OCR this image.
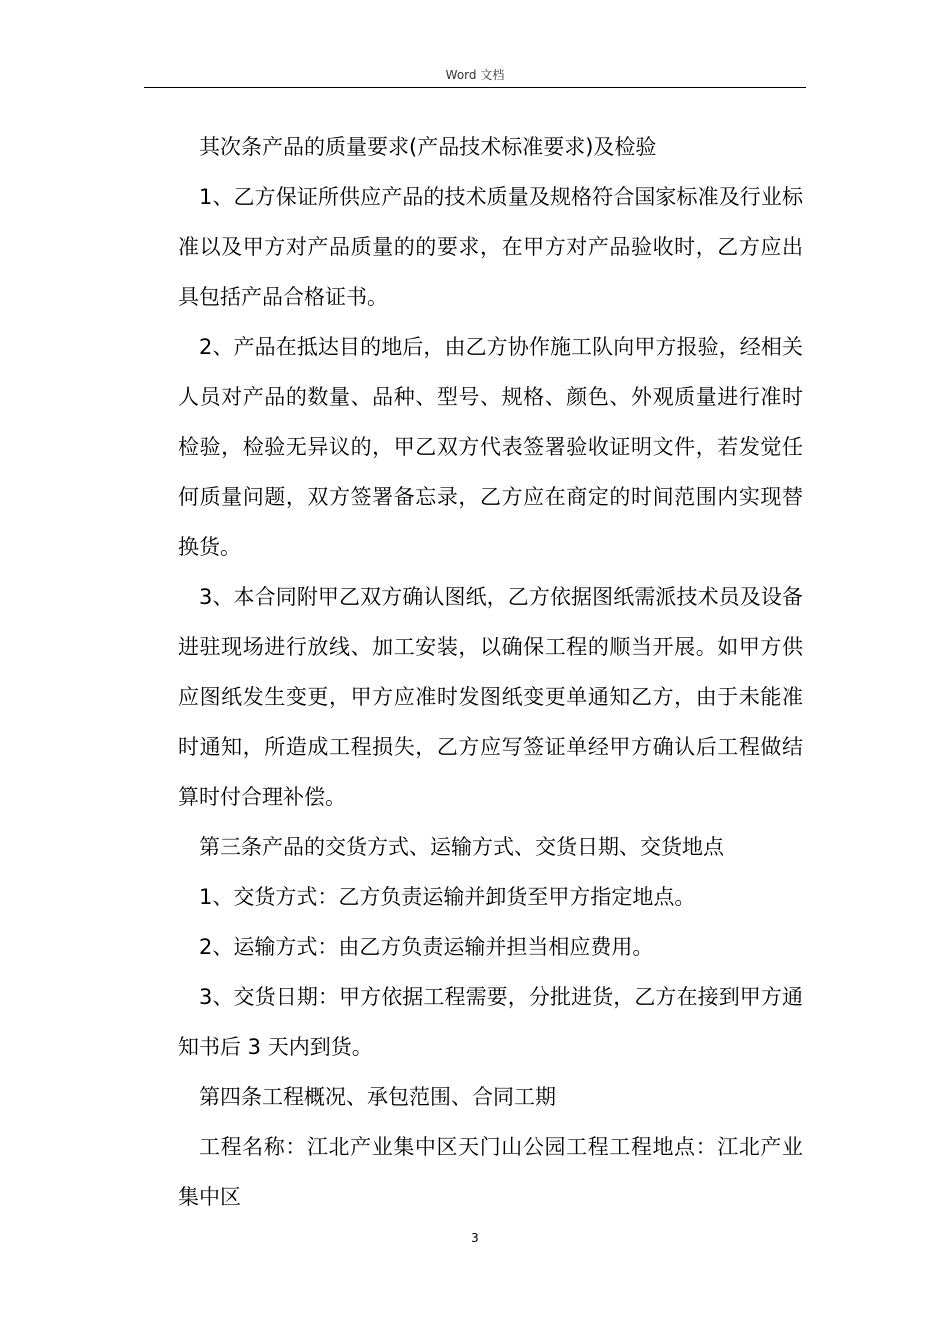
Word 文档

其次条产品的质量要求(产品技术标准要求)及检验

1、乙方保证所供应产品的技术质量及规格符合国家标准及行业标准以及甲方对产品质量的的要求，在甲方对产品验收时，乙方应出具包括产品合格证书。

2、产品在抵达目的地后，由乙方协作施工队向甲方报验，经相关人员对产品的数量、品种、型号、规格、颜色、外观质量进行准时检验，检验无异议的，甲乙双方代表签署验收证明文件，若发觉任何质量问题，双方签署备忘录，乙方应在商定的时间范围内实现替换货。

3、本合同附甲乙双方确认图纸，乙方依据图纸需派技术员及设备进驻现场进行放线、加工安装，以确保工程的顺当开展。如甲方供应图纸发生变更，甲方应准时发图纸变更单通知乙方，由于未能准时通知，所造成工程损失，乙方应写签证单经甲方确认后工程做结算时付合理补偿。

第三条产品的交货方式、运输方式、交货日期、交货地点

1、交货方式：乙方负责运输并卸货至甲方指定地点。

2、运输方式：由乙方负责运输并担当相应费用。

3、交货日期：甲方依据工程需要，分批进货，乙方在接到甲方通知书后 3 天内到货。

第四条工程概况、承包范围、合同工期

工程名称：江北产业集中区天门山公园工程工程地点：江北产业集中区

3
